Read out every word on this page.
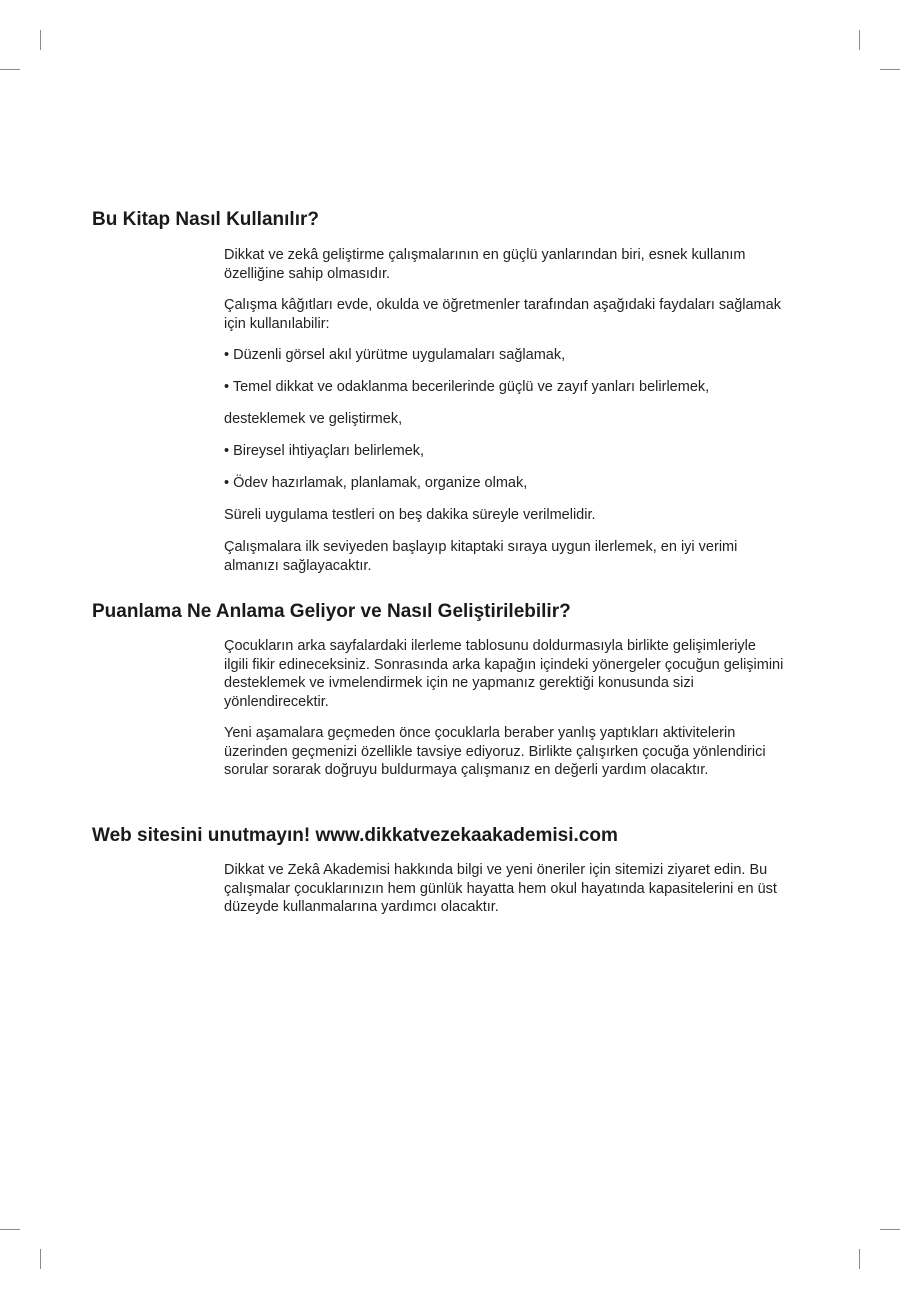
Bu Kitap Nasıl Kullanılır?

Dikkat ve zekâ geliştirme çalışmalarının en güçlü yanlarından biri, esnek kullanım özelliğine sahip olmasıdır.

Çalışma kâğıtları evde, okulda ve öğretmenler tarafından aşağıdaki faydaları sağlamak için kullanılabilir:

• Düzenli görsel akıl yürütme uygulamaları sağlamak,

• Temel dikkat ve odaklanma becerilerinde güçlü ve zayıf yanları belirlemek,

desteklemek ve geliştirmek,

• Bireysel ihtiyaçları belirlemek,

• Ödev hazırlamak, planlamak, organize olmak,

Süreli uygulama testleri on beş dakika süreyle verilmelidir.

Çalışmalara ilk seviyeden başlayıp kitaptaki sıraya uygun ilerlemek, en iyi verimi almanızı sağlayacaktır.

Puanlama Ne Anlama Geliyor ve Nasıl Geliştirilebilir?

Çocukların arka sayfalardaki ilerleme tablosunu doldurmasıyla birlikte gelişimleriyle ilgili fikir edineceksiniz. Sonrasında arka kapağın içindeki yönergeler çocuğun gelişimini desteklemek ve ivmelendirmek için ne yapmanız gerektiği konusunda sizi yönlendirecektir.

Yeni aşamalara geçmeden önce çocuklarla beraber yanlış yaptıkları aktivitelerin üzerinden geçmenizi özellikle tavsiye ediyoruz. Birlikte çalışırken çocuğa yönlendirici sorular sorarak doğruyu buldurmaya çalışmanız en değerli yardım olacaktır.

Web sitesini unutmayın! www.dikkatvezekaakademisi.com

Dikkat ve Zekâ Akademisi hakkında bilgi ve yeni öneriler için sitemizi ziyaret edin. Bu çalışmalar çocuklarınızın hem günlük hayatta hem okul hayatında kapasitelerini en üst düzeyde kullanmalarına yardımcı olacaktır.
